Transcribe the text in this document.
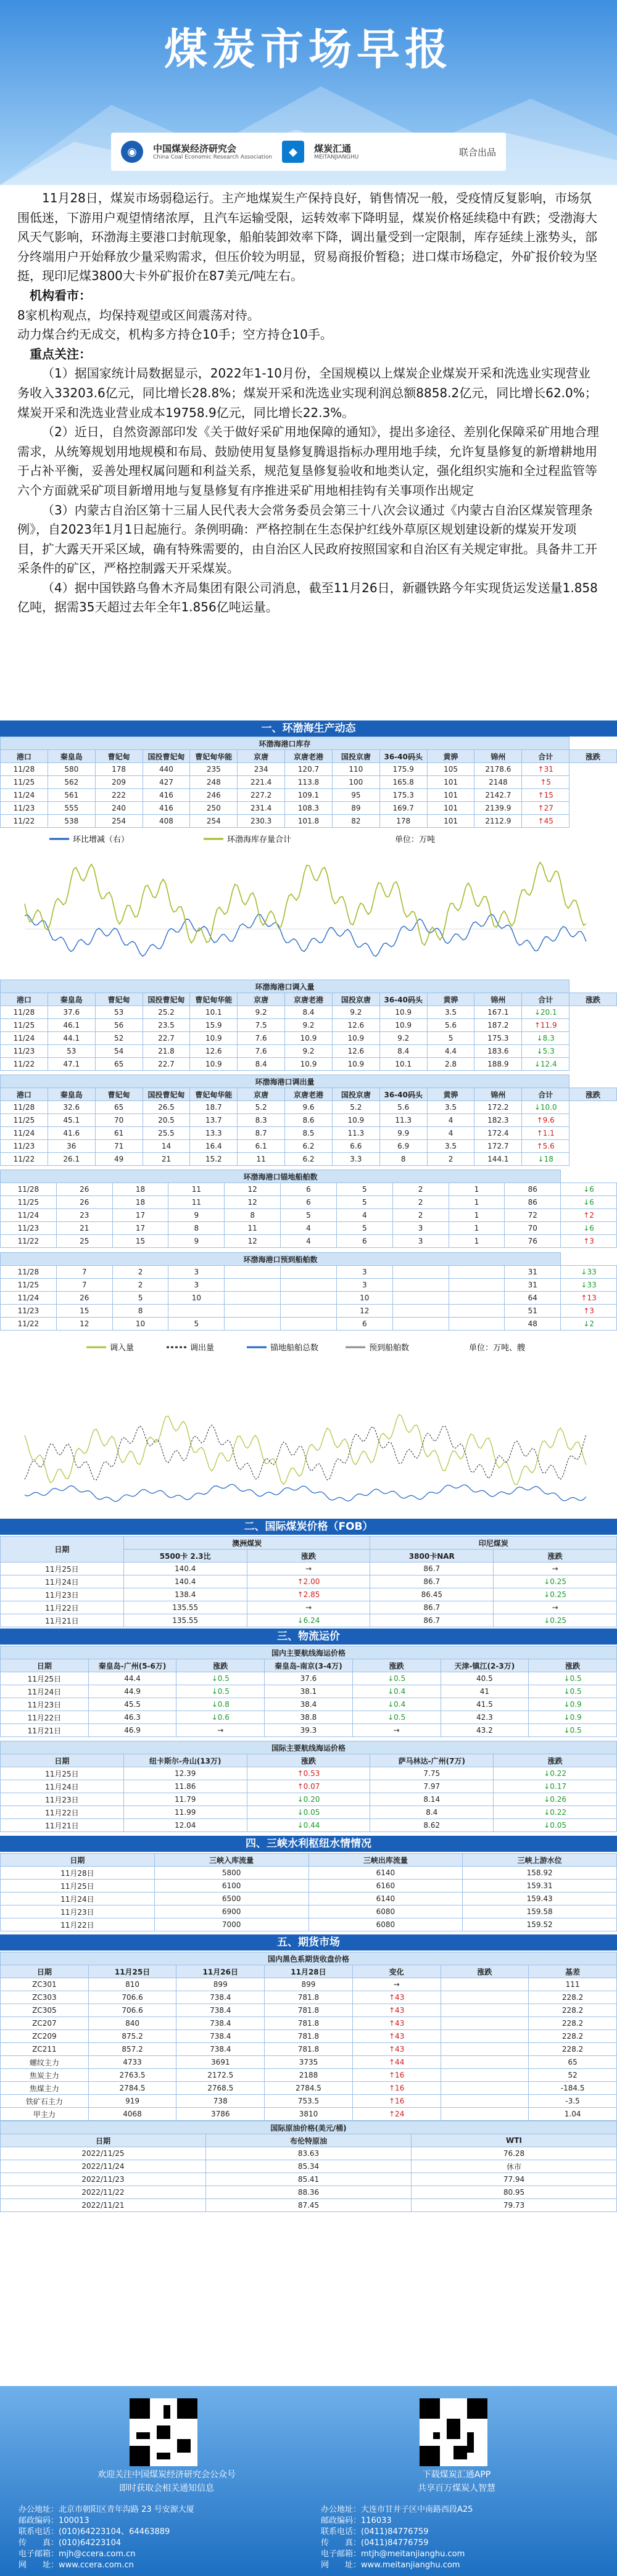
煤炭市场早报
◉	中国煤炭经济研究会
China Coal Economic Research Association	◆	煤炭汇通
MEITANJIANGHU	联合出品

11月28日，煤炭市场弱稳运行。主产地煤炭生产保持良好，销售情况一般，受疫情反复影响，市场氛围低迷，下游用户观望情绪浓厚，且汽车运输受限，运转效率下降明显，煤炭价格延续稳中有跌；受渤海大风天气影响，环渤海主要港口封航现象，船舶装卸效率下降，调出量受到一定限制，库存延续上涨势头，部分终端用户开始释放少量采购需求，但压价较为明显，贸易商报价暂稳；进口煤市场稳定，外矿报价较为坚挺，现印尼煤3800大卡外矿报价在87美元/吨左右。

机构看市：

8家机构观点，均保持观望或区间震荡对待。

动力煤合约无成交，机构多方持仓10手；空方持仓10手。

重点关注：

（1）据国家统计局数据显示，2022年1-10月份，全国规模以上煤炭企业煤炭开采和洗选业实现营业务收入33203.6亿元，同比增长28.8%；煤炭开采和洗选业实现利润总额8858.2亿元，同比增长62.0%；煤炭开采和洗选业营业成本19758.9亿元，同比增长22.3%。

（2）近日，自然资源部印发《关于做好采矿用地保障的通知》，提出多途径、差别化保障采矿用地合理需求，从统筹规划用地规模和布局、鼓励使用复垦修复腾退指标办理用地手续，允许复垦修复的新增耕地用于占补平衡，妥善处理权属问题和利益关系，规范复垦修复验收和地类认定，强化组织实施和全过程监管等六个方面就采矿项目新增用地与复垦修复有序推进采矿用地相挂钩有关事项作出规定

（3）内蒙古自治区第十三届人民代表大会常务委员会第三十八次会议通过《内蒙古自治区煤炭管理条例》，自2023年1月1日起施行。条例明确：严格控制在生态保护红线外草原区规划建设新的煤炭开发项目，扩大露天开采区域，确有特殊需要的，由自治区人民政府按照国家和自治区有关规定审批。具备井工开采条件的矿区，严格控制露天开采煤炭。

（4）据中国铁路乌鲁木齐局集团有限公司消息，截至11月26日，新疆铁路今年实现货运发送量1.858亿吨，据需35天超过去年全年1.856亿吨运量。

一、环渤海生产动态
环渤海港口库存												
港口	秦皇岛	曹妃甸	国投曹妃甸	曹妃甸华能	京唐	京唐老港	国投京唐	36-40码头	黄骅	锦州	合计	涨跌
11/28	580	178	440	235	234	120.7	110	175.9	105	2178.6	↑31	
11/25	562	209	427	248	221.4	113.8	100	165.8	101	2148	↑5	
11/24	561	222	416	246	227.2	109.1	95	175.3	101	2142.7	↑15	
11/23	555	240	416	250	231.4	108.3	89	169.7	101	2139.9	↑27	
11/22	538	254	408	254	230.3	101.8	82	178	101	2112.9	↑45	
环比增减（右）	环渤海库存量合计	单位：万吨
环渤海港口调入量												
港口	秦皇岛	曹妃甸	国投曹妃甸	曹妃甸华能	京唐	京唐老港	国投京唐	36-40码头	黄骅	锦州	合计	涨跌
11/28	37.6	53	25.2	10.1	9.2	8.4	9.2	10.9	3.5	167.1	↓20.1	
11/25	46.1	56	23.5	15.9	7.5	9.2	12.6	10.9	5.6	187.2	↑11.9	
11/24	44.1	52	22.7	10.9	7.6	10.9	10.9	9.2	5	175.3	↓8.3	
11/23	53	54	21.8	12.6	7.6	9.2	12.6	8.4	4.4	183.6	↓5.3	
11/22	47.1	65	22.7	10.9	8.4	10.9	10.9	10.1	2.8	188.9	↓12.4	
环渤海港口调出量												
港口	秦皇岛	曹妃甸	国投曹妃甸	曹妃甸华能	京唐	京唐老港	国投京唐	36-40码头	黄骅	锦州	合计	涨跌
11/28	32.6	65	26.5	18.7	5.2	9.6	5.2	5.6	3.5	172.2	↓10.0	
11/25	45.1	70	20.5	13.7	8.3	8.6	10.9	11.3	4	182.3	↑9.6	
11/24	41.6	61	25.5	13.3	8.7	8.5	11.3	9.9	4	172.4	↑1.1	
11/23	36	71	14	16.4	6.1	6.2	6.6	6.9	3.5	172.7	↑5.6	
11/22	26.1	49	21	15.2	11	6.2	3.3	8	2	144.1	↓18	
环渤海港口锚地船舶数										
11/28	26	18	11	12	6	5	2	1	86	↓6
11/25	26	18	11	12	6	5	2	1	86	↓6
11/24	23	17	9	8	5	4	2	1	72	↑2
11/23	21	17	8	11	4	5	3	1	70	↓6
11/22	25	15	9	12	4	6	3	1	76	↑3
环渤海港口预到船舶数										
11/28	7	2	3			3			31	↓33
11/25	7	2	3			3			31	↓33
11/24	26	5	10			10			64	↑13
11/23	15	8				12			51	↑3
11/22	12	10	5			6			48	↓2
调入量	调出量	锚地船舶总数	预到船舶数	单位：万吨、艘
二、国际煤炭价格（FOB）
日期	澳洲煤炭		印尼煤炭	
	5500卡 2.3比	涨跌	3800卡NAR	涨跌
11月25日	140.4	→	86.7	→
11月24日	140.4	↑2.00	86.7	↓0.25
11月23日	138.4	↑2.85	86.45	↓0.25
11月22日	135.55	→	86.7	→
11月21日	135.55	↓6.24	86.7	↓0.25
三、物流运价
国内主要航线海运价格						
日期	秦皇岛-广州(5-6万)	涨跌	秦皇岛-南京(3-4万)	涨跌	天津-镇江(2-3万)	涨跌
11月25日	44.4	↓0.5	37.6	↓0.5	40.5	↓0.5
11月24日	44.9	↓0.5	38.1	↓0.4	41	↓0.5
11月23日	45.5	↓0.8	38.4	↓0.4	41.5	↓0.9
11月22日	46.3	↓0.6	38.8	↓0.5	42.3	↓0.9
11月21日	46.9	→	39.3	→	43.2	↓0.5
国际主要航线海运价格				
日期	纽卡斯尔-舟山(13万)	涨跌	萨马林达-广州(7万)	涨跌
11月25日	12.39	↑0.53	7.75	↓0.22
11月24日	11.86	↑0.07	7.97	↓0.17
11月23日	11.79	↓0.20	8.14	↓0.26
11月22日	11.99	↓0.05	8.4	↓0.22
11月21日	12.04	↓0.44	8.62	↓0.05
四、三峡水利枢纽水情情况
日期	三峡入库流量	三峡出库流量	三峡上游水位
11月28日	5800	6140	158.92
11月25日	6100	6160	159.31
11月24日	6500	6140	159.43
11月23日	6900	6080	159.58
11月22日	7000	6080	159.52
五、期货市场
国内黑色系期货收盘价格						
日期	11月25日	11月26日	11月28日	变化	涨跌	基差
ZC301	810	899	899	→		111
ZC303	706.6	738.4	781.8	↑43		228.2
ZC305	706.6	738.4	781.8	↑43		228.2
ZC207	840	738.4	781.8	↑43		228.2
ZC209	875.2	738.4	781.8	↑43		228.2
ZC211	857.2	738.4	781.8	↑43		228.2
螺纹主力	4733	3691	3735	↑44		65
焦炭主力	2763.5	2172.5	2188	↑16		52
焦煤主力	2784.5	2768.5	2784.5	↑16		-184.5
铁矿石主力	919	738	753.5	↑16		-3.5
甲主力	4068	3786	3810	↑24		1.04
国际原油价格(美元/桶)		
日期	布伦特原油	WTI
2022/11/25	83.63	76.28
2022/11/24	85.34	休市
2022/11/23	85.41	77.94
2022/11/22	88.36	80.95
2022/11/21	87.45	79.73
欢迎关注中国煤炭经济研究会公众号
即时获取会相关通知信息
下载煤炭汇通APP
共享百万煤炭人智慧
办公地址：北京市朝阳区青年沟路 23 号安源大厦
邮政编码：100013
联系电话：(010)64223104、64463889
传　　真：(010)64223104
电子邮箱：mjh@ccera.com.cn
网　　址：www.ccera.com.cn
办公地址：大连市甘井子区中南路西段A25
邮政编码：116033
联系电话：(0411)84776759
传　　真：(0411)84776759
电子邮箱：mtjh@meitanjianghu.com
网　　址：www.meitanjianghu.com
